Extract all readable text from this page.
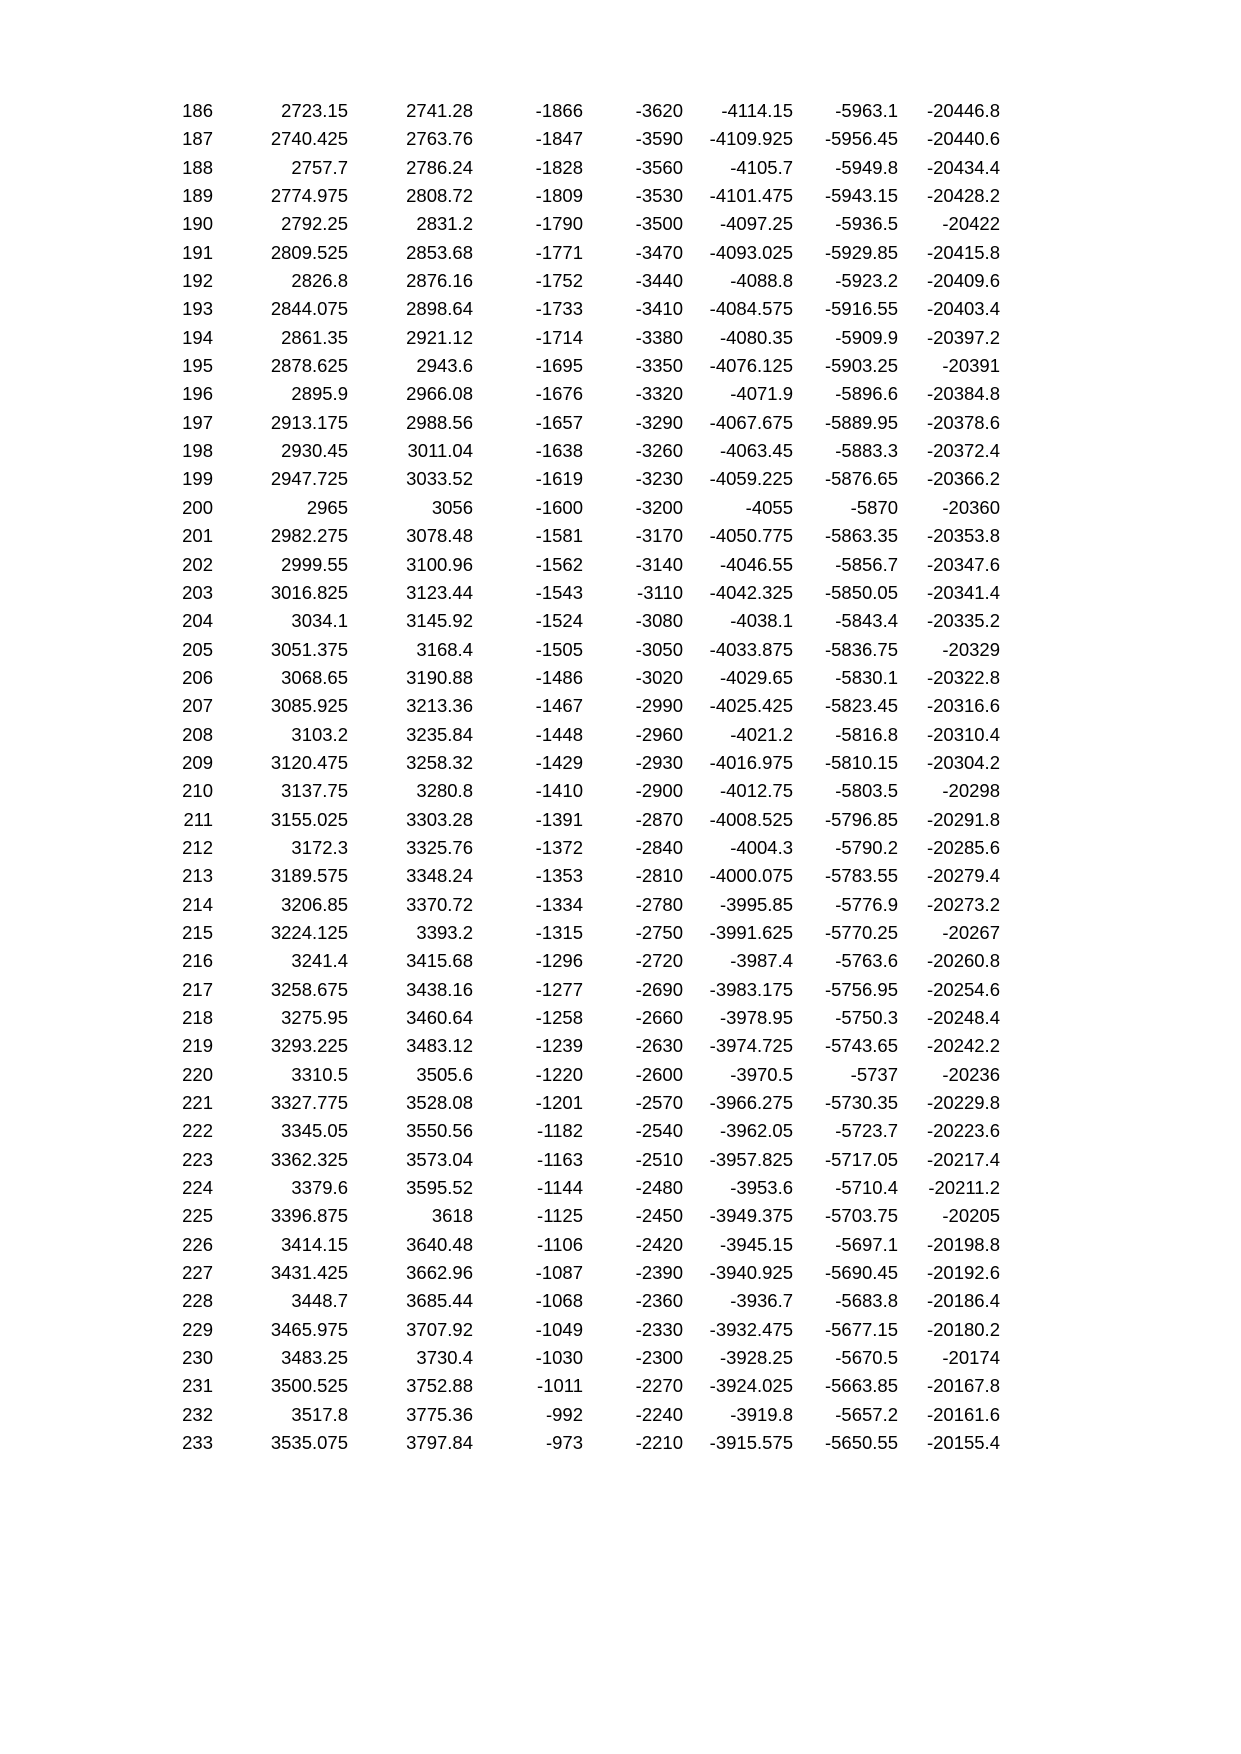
186	2723.15	2741.28	-1866	-3620	-4114.15	-5963.1	-20446.8
187	2740.425	2763.76	-1847	-3590	-4109.925	-5956.45	-20440.6
188	2757.7	2786.24	-1828	-3560	-4105.7	-5949.8	-20434.4
189	2774.975	2808.72	-1809	-3530	-4101.475	-5943.15	-20428.2
190	2792.25	2831.2	-1790	-3500	-4097.25	-5936.5	-20422
191	2809.525	2853.68	-1771	-3470	-4093.025	-5929.85	-20415.8
192	2826.8	2876.16	-1752	-3440	-4088.8	-5923.2	-20409.6
193	2844.075	2898.64	-1733	-3410	-4084.575	-5916.55	-20403.4
194	2861.35	2921.12	-1714	-3380	-4080.35	-5909.9	-20397.2
195	2878.625	2943.6	-1695	-3350	-4076.125	-5903.25	-20391
196	2895.9	2966.08	-1676	-3320	-4071.9	-5896.6	-20384.8
197	2913.175	2988.56	-1657	-3290	-4067.675	-5889.95	-20378.6
198	2930.45	3011.04	-1638	-3260	-4063.45	-5883.3	-20372.4
199	2947.725	3033.52	-1619	-3230	-4059.225	-5876.65	-20366.2
200	2965	3056	-1600	-3200	-4055	-5870	-20360
201	2982.275	3078.48	-1581	-3170	-4050.775	-5863.35	-20353.8
202	2999.55	3100.96	-1562	-3140	-4046.55	-5856.7	-20347.6
203	3016.825	3123.44	-1543	-3110	-4042.325	-5850.05	-20341.4
204	3034.1	3145.92	-1524	-3080	-4038.1	-5843.4	-20335.2
205	3051.375	3168.4	-1505	-3050	-4033.875	-5836.75	-20329
206	3068.65	3190.88	-1486	-3020	-4029.65	-5830.1	-20322.8
207	3085.925	3213.36	-1467	-2990	-4025.425	-5823.45	-20316.6
208	3103.2	3235.84	-1448	-2960	-4021.2	-5816.8	-20310.4
209	3120.475	3258.32	-1429	-2930	-4016.975	-5810.15	-20304.2
210	3137.75	3280.8	-1410	-2900	-4012.75	-5803.5	-20298
211	3155.025	3303.28	-1391	-2870	-4008.525	-5796.85	-20291.8
212	3172.3	3325.76	-1372	-2840	-4004.3	-5790.2	-20285.6
213	3189.575	3348.24	-1353	-2810	-4000.075	-5783.55	-20279.4
214	3206.85	3370.72	-1334	-2780	-3995.85	-5776.9	-20273.2
215	3224.125	3393.2	-1315	-2750	-3991.625	-5770.25	-20267
216	3241.4	3415.68	-1296	-2720	-3987.4	-5763.6	-20260.8
217	3258.675	3438.16	-1277	-2690	-3983.175	-5756.95	-20254.6
218	3275.95	3460.64	-1258	-2660	-3978.95	-5750.3	-20248.4
219	3293.225	3483.12	-1239	-2630	-3974.725	-5743.65	-20242.2
220	3310.5	3505.6	-1220	-2600	-3970.5	-5737	-20236
221	3327.775	3528.08	-1201	-2570	-3966.275	-5730.35	-20229.8
222	3345.05	3550.56	-1182	-2540	-3962.05	-5723.7	-20223.6
223	3362.325	3573.04	-1163	-2510	-3957.825	-5717.05	-20217.4
224	3379.6	3595.52	-1144	-2480	-3953.6	-5710.4	-20211.2
225	3396.875	3618	-1125	-2450	-3949.375	-5703.75	-20205
226	3414.15	3640.48	-1106	-2420	-3945.15	-5697.1	-20198.8
227	3431.425	3662.96	-1087	-2390	-3940.925	-5690.45	-20192.6
228	3448.7	3685.44	-1068	-2360	-3936.7	-5683.8	-20186.4
229	3465.975	3707.92	-1049	-2330	-3932.475	-5677.15	-20180.2
230	3483.25	3730.4	-1030	-2300	-3928.25	-5670.5	-20174
231	3500.525	3752.88	-1011	-2270	-3924.025	-5663.85	-20167.8
232	3517.8	3775.36	-992	-2240	-3919.8	-5657.2	-20161.6
233	3535.075	3797.84	-973	-2210	-3915.575	-5650.55	-20155.4
